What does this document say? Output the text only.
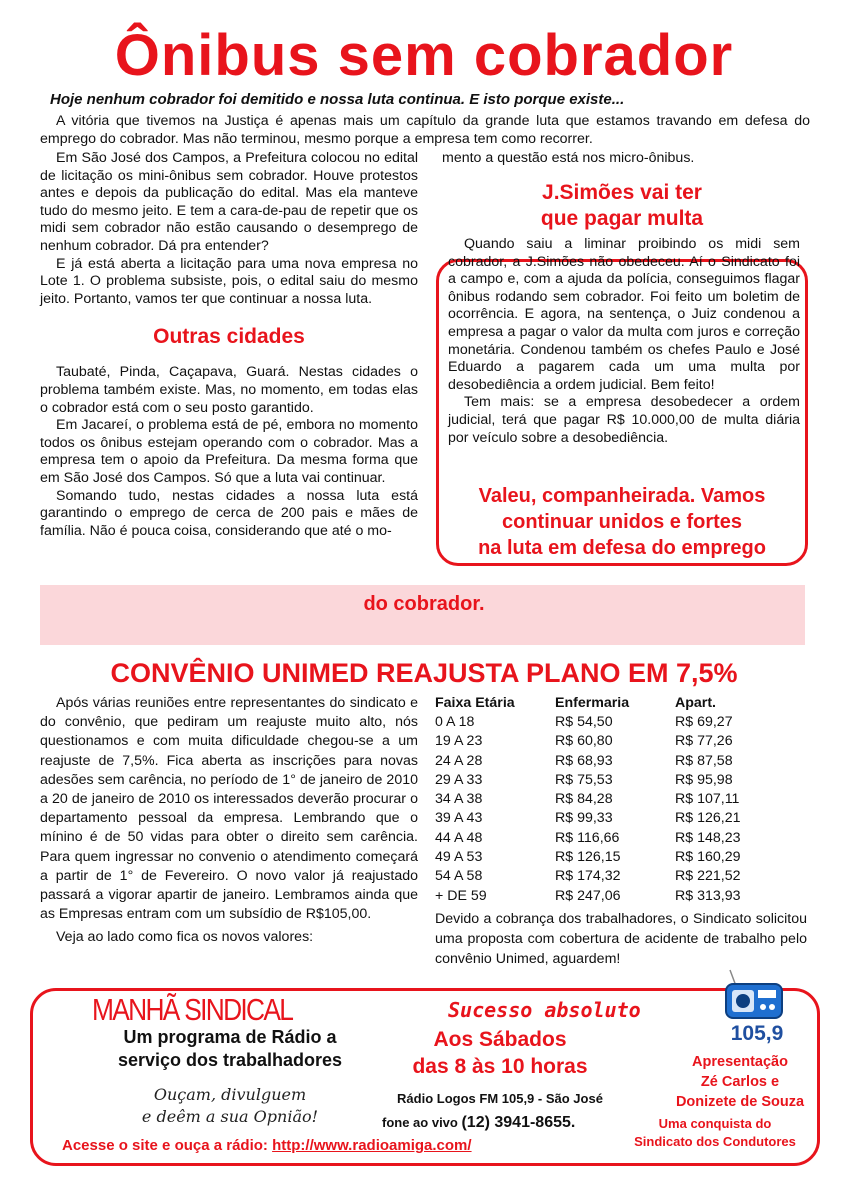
Ônibus sem cobrador
Hoje nenhum cobrador foi demitido e nossa luta continua. E isto porque existe...

A vitória que tivemos na Justiça é apenas mais um capítulo da grande luta que estamos travando em defesa do emprego do cobrador. Mas não terminou, mesmo porque a empresa tem como recorrer.

Em São José dos Campos, a Prefeitura colocou no edital de licitação os mini-ônibus sem cobrador. Houve protestos antes e depois da publicação do edital. Mas ela manteve tudo do mesmo jeito. E tem a cara-de-pau de repetir que os midi sem cobrador não estão causando o desemprego de nenhum cobrador. Dá pra entender?

E já está aberta a licitação para uma nova empresa no Lote 1. O problema subsiste, pois, o edital saiu do mesmo jeito. Portanto, vamos ter que continuar a nossa luta.

Outras cidades

Taubaté, Pinda, Caçapava, Guará. Nestas cidades o problema também existe. Mas, no momento, em todas elas o cobrador está com o seu posto garantido.

Em Jacareí, o problema está de pé, embora no momento todos os ônibus estejam operando com o cobrador. Mas a empresa tem o apoio da Prefeitura. Da mesma forma que em São José dos Campos. Só que a luta vai continuar.

Somando tudo, nestas cidades a nossa luta está garantindo o emprego de cerca de 200 pais e mães de família. Não é pouca coisa, considerando que até o mo-

mento a questão está nos micro-ônibus.
J.Simões vai ter
que pagar multa

Quando saiu a liminar proibindo os midi sem cobrador, a J.Simões não obedeceu. Aí o Sindicato foi a campo e, com a ajuda da polícia, conseguimos flagar ônibus rodando sem cobrador. Foi feito um boletim de ocorrência. E agora, na sentença, o Juiz condenou a empresa a pagar o valor da multa com juros e correção monetária. Condenou também os chefes Paulo e José Eduardo a pagarem cada um uma multa por desobediência a ordem judicial. Bem feito!

Tem mais: se a empresa desobedecer a ordem judicial, terá que pagar R$ 10.000,00 de multa diária por veículo sobre a desobediência.

Valeu, companheirada. Vamos
continuar unidos e fortes
na luta em defesa do emprego
do cobrador.
CONVÊNIO UNIMED REAJUSTA PLANO EM 7,5%

Após várias reuniões entre representantes do sindicato e do convênio, que pediram um reajuste muito alto, nós questionamos e com muita dificuldade chegou-se a um reajuste de 7,5%. Fica aberta as inscrições para novas adesões sem carência, no período de 1° de janeiro de 2010 a 20 de janeiro de 2010 os interessados deverão procurar o departamento pessoal da empresa. Lembrando que o mínino é de 50 vidas para obter o direito sem carência. Para quem ingressar no convenio o atendimento começará a partir de 1° de Fevereiro. O novo valor já reajustado passará a vigorar apartir de janeiro. Lembramos ainda que as Empresas entram com um subsídio de R$105,00.

Veja ao lado como fica os novos valores:

Faixa Etária	Enfermaria	Apart.
0 A 18	R$ 54,50	R$ 69,27
19 A 23	R$ 60,80	R$ 77,26
24 A 28	R$ 68,93	R$ 87,58
29 A 33	R$ 75,53	R$ 95,98
34 A 38	R$ 84,28	R$ 107,11
39 A 43	R$ 99,33	R$ 126,21
44 A 48	R$ 116,66	R$ 148,23
49 A 53	R$ 126,15	R$ 160,29
54 A 58	R$ 174,32	R$ 221,52
+ DE 59	R$ 247,06	R$ 313,93

Devido a cobrança dos trabalhadores, o Sindicato solicitou uma proposta com cobertura de acidente de trabalho pelo convênio Unimed, aguardem!

MANHÃ SINDICAL
Um programa de Rádio a
serviço dos trabalhadores
Ouçam, divulguem
e deêm a sua Opnião!
Acesse o site e ouça a rádio: http://www.radioamiga.com/
Sucesso absoluto
Aos Sábados
das 8 às 10 horas
Rádio Logos FM 105,9 - São José
fone ao vivo (12) 3941-8655.
105,9
Apresentação
Zé Carlos e
Donizete de Souza
Uma conquista do
Sindicato dos Condutores
